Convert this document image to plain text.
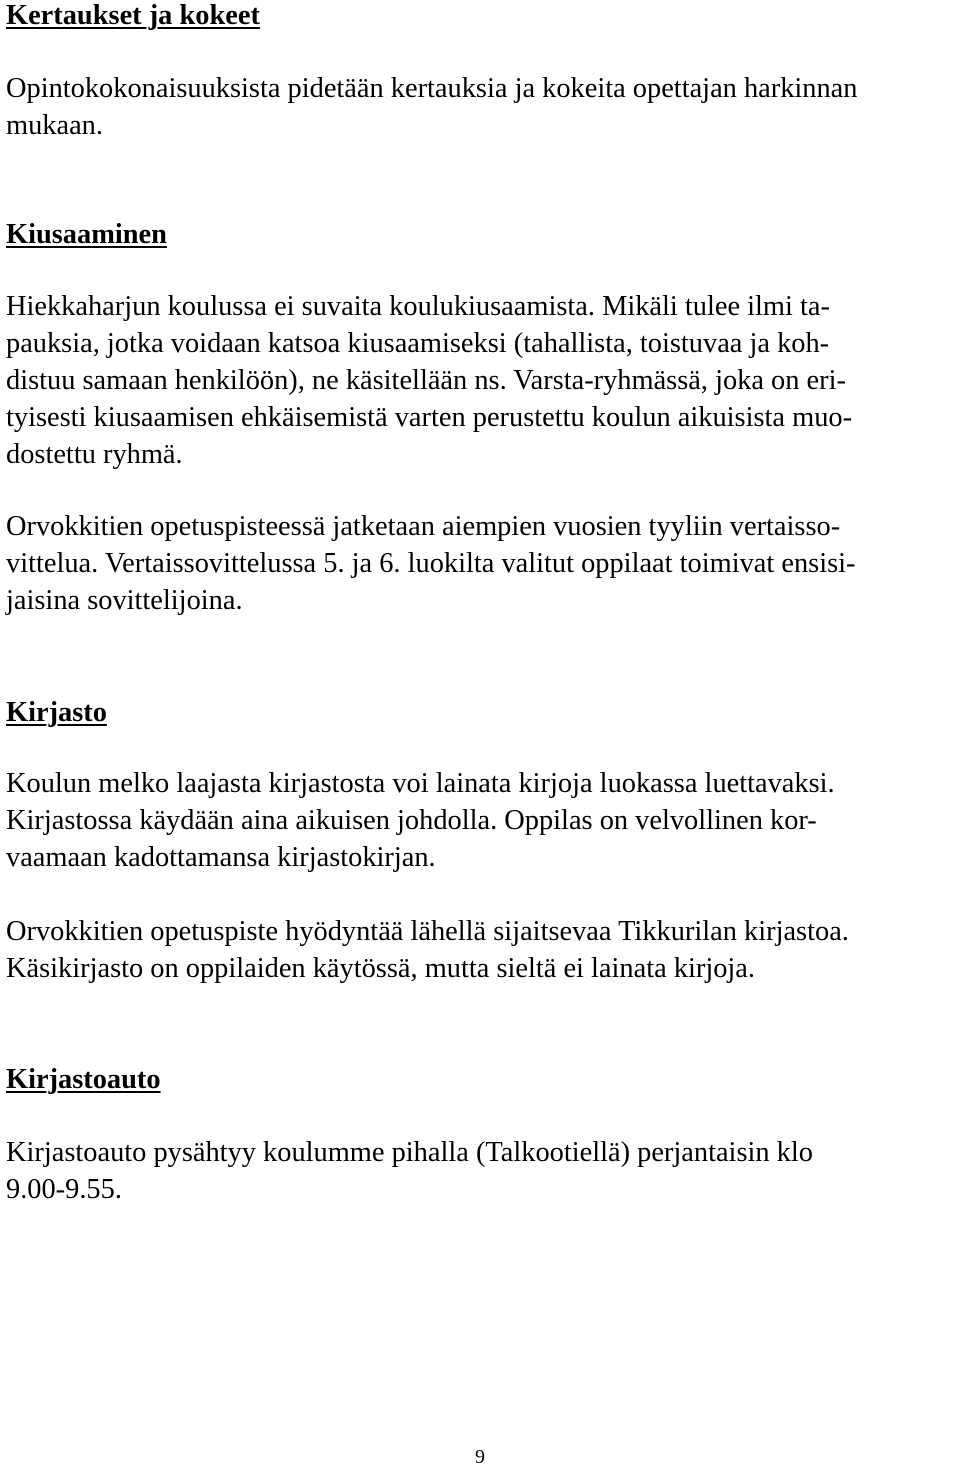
Kertaukset ja kokeet
Opintokokonaisuuksista pidetään kertauksia ja kokeita opettajan harkinnan
mukaan.
Kiusaaminen
Hiekkaharjun koulussa ei suvaita koulukiusaamista. Mikäli tulee ilmi ta-
pauksia, jotka voidaan katsoa kiusaamiseksi (tahallista, toistuvaa ja koh-
distuu samaan henkilöön), ne käsitellään ns. Varsta-ryhmässä, joka on eri-
tyisesti kiusaamisen ehkäisemistä varten perustettu koulun aikuisista muo-
dostettu ryhmä.
Orvokkitien opetuspisteessä jatketaan aiempien vuosien tyyliin vertaisso-
vittelua. Vertaissovittelussa 5. ja 6. luokilta valitut oppilaat toimivat ensisi-
jaisina sovittelijoina.
Kirjasto
Koulun melko laajasta kirjastosta voi lainata kirjoja luokassa luettavaksi.
Kirjastossa käydään aina aikuisen johdolla. Oppilas on velvollinen kor-
vaamaan kadottamansa kirjastokirjan.
Orvokkitien opetuspiste hyödyntää lähellä sijaitsevaa Tikkurilan kirjastoa.
Käsikirjasto on oppilaiden käytössä, mutta sieltä ei lainata kirjoja.
Kirjastoauto
Kirjastoauto pysähtyy koulumme pihalla (Talkootiellä) perjantaisin klo
9.00-9.55.
9
